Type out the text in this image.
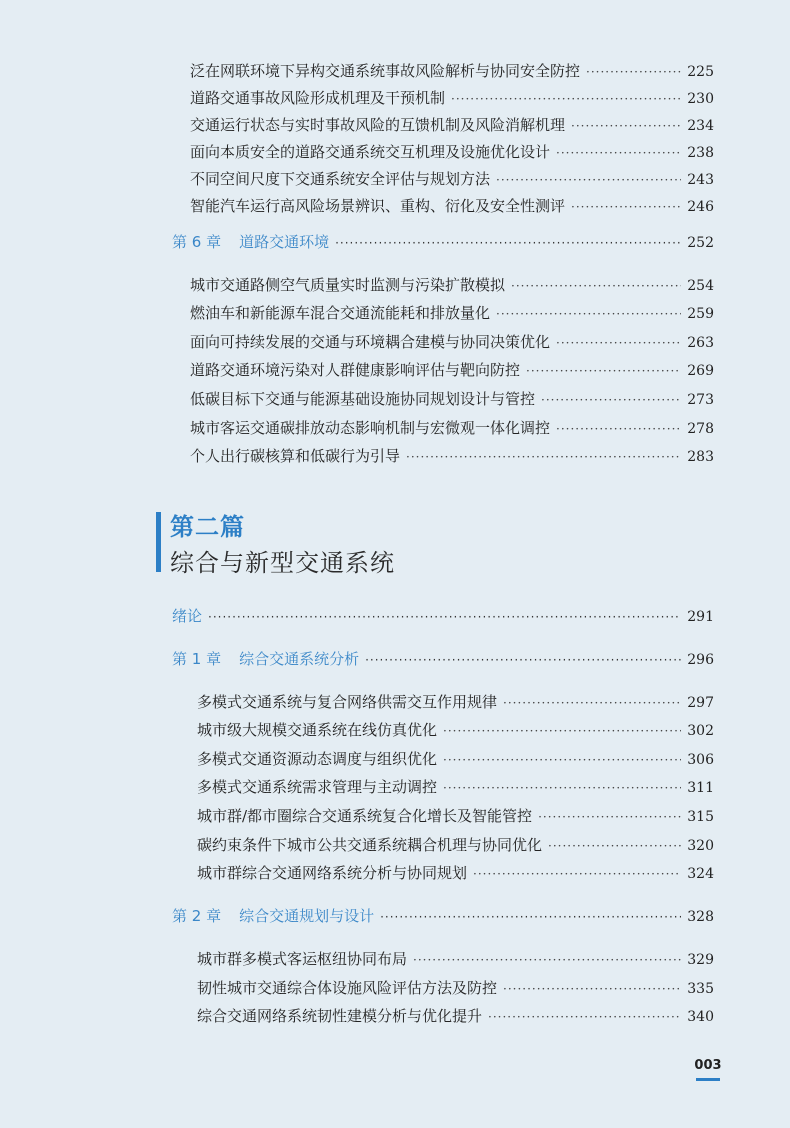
泛在网联环境下异构交通系统事故风险解析与协同安全防控 ·····	225
道路交通事故风险形成机理及干预机制 ·····	230
交通运行状态与实时事故风险的互馈机制及风险消解机理 ·····	234
面向本质安全的道路交通系统交互机理及设施优化设计 ·····	238
不同空间尺度下交通系统安全评估与规划方法 ·····	243
智能汽车运行高风险场景辨识、重构、衍化及安全性测评 ·····	246
第 6 章 道路交通环境 ·····	252
城市交通路侧空气质量实时监测与污染扩散模拟 ·····	254
燃油车和新能源车混合交通流能耗和排放量化 ·····	259
面向可持续发展的交通与环境耦合建模与协同决策优化 ·····	263
道路交通环境污染对人群健康影响评估与靶向防控 ·····	269
低碳目标下交通与能源基础设施协同规划设计与管控 ·····	273
城市客运交通碳排放动态影响机制与宏微观一体化调控 ·····	278
个人出行碳核算和低碳行为引导 ·····	283
第二篇
综合与新型交通系统
绪论 ·····	291
第 1 章 综合交通系统分析 ·····	296
多模式交通系统与复合网络供需交互作用规律 ·····	297
城市级大规模交通系统在线仿真优化 ·····	302
多模式交通资源动态调度与组织优化 ·····	306
多模式交通系统需求管理与主动调控 ·····	311
城市群/都市圈综合交通系统复合化增长及智能管控 ·····	315
碳约束条件下城市公共交通系统耦合机理与协同优化 ·····	320
城市群综合交通网络系统分析与协同规划 ·····	324
第 2 章 综合交通规划与设计 ·····	328
城市群多模式客运枢纽协同布局 ·····	329
韧性城市交通综合体设施风险评估方法及防控 ·····	335
综合交通网络系统韧性建模分析与优化提升 ·····	340
003
